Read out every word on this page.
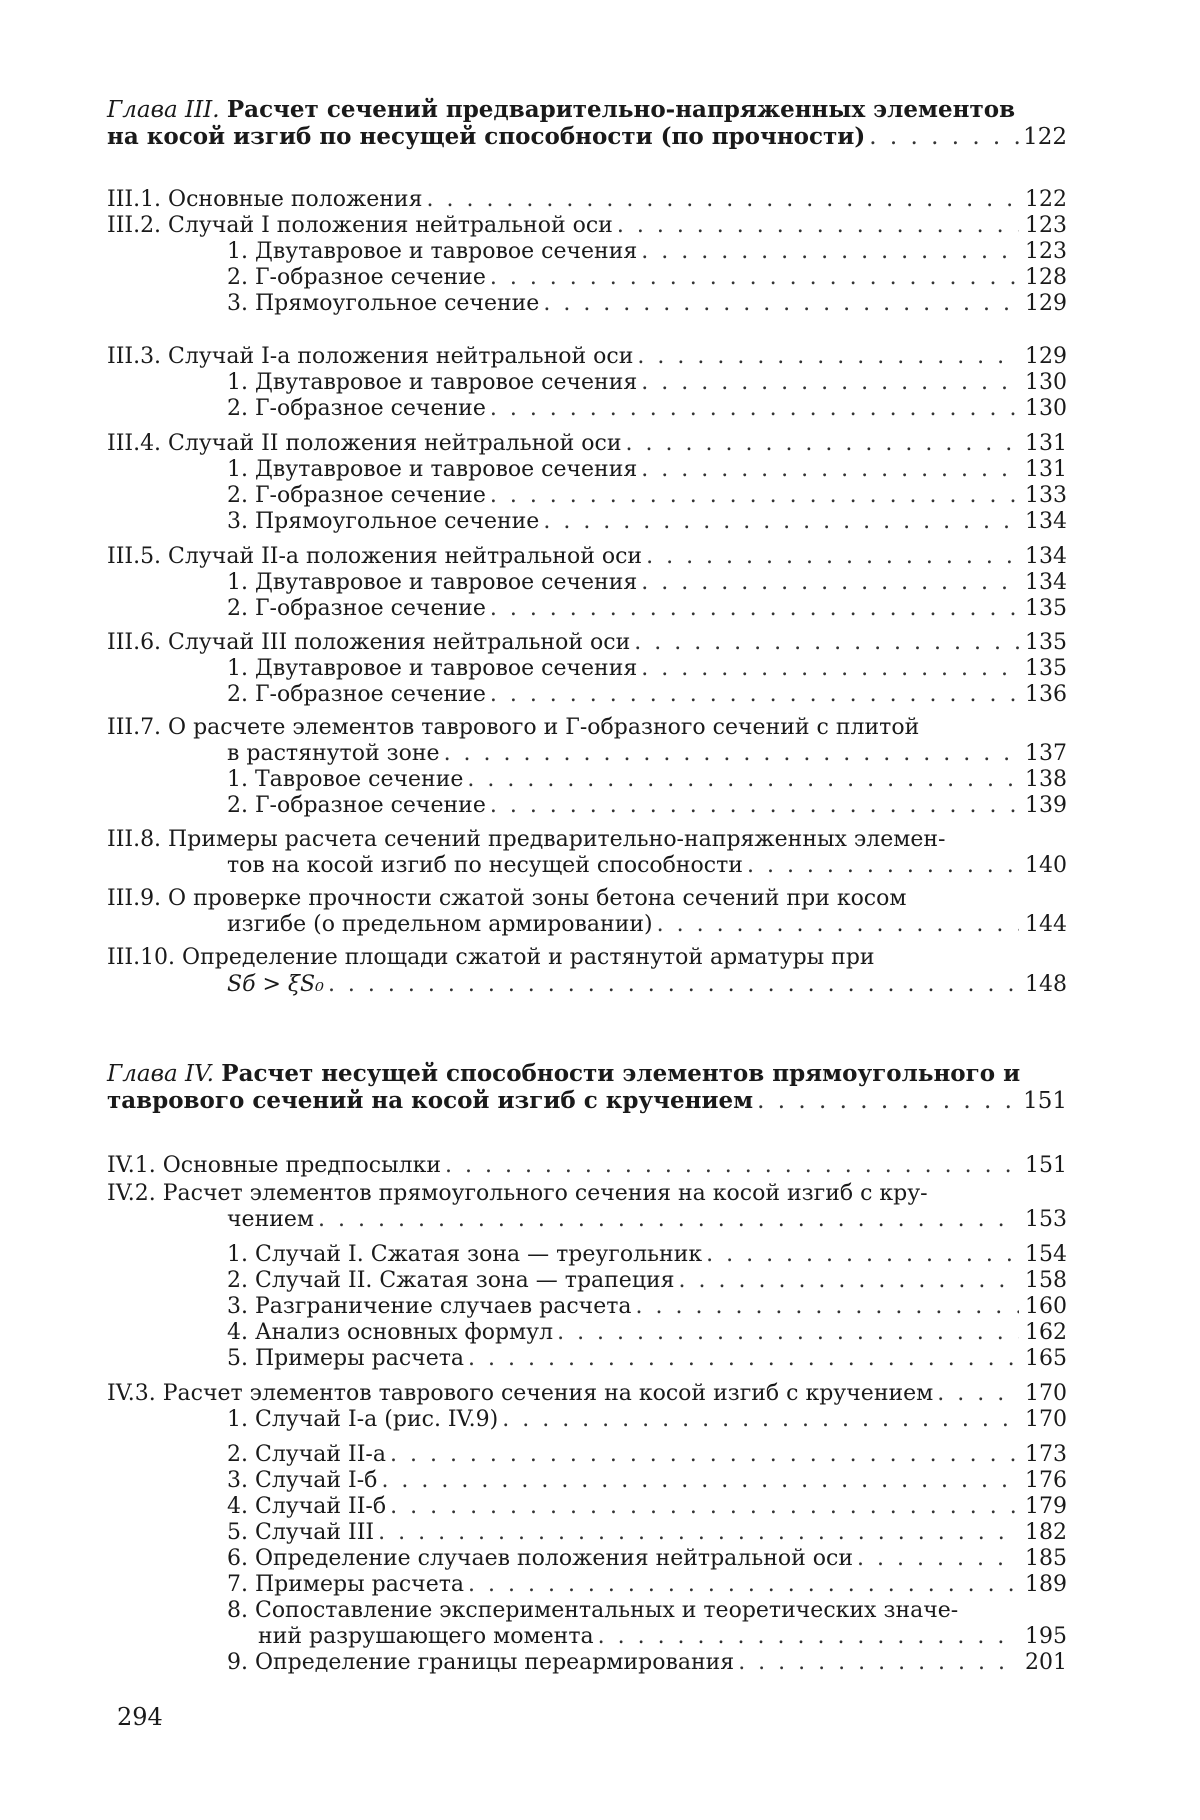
Глава III. Расчет сечений предварительно-напряженных элементов
на косой изгиб по несущей способности (по прочности) . . .	122
III.1. Основные положения . . .	122
III.2. Случай I положения нейтральной оси . . .	123
1. Двутавровое и тавровое сечения . . .	123
2. Г-образное сечение . . .	128
3. Прямоугольное сечение . . .	129
III.3. Случай I-а положения нейтральной оси . . .	129
1. Двутавровое и тавровое сечения . . .	130
2. Г-образное сечение . . .	130
III.4. Случай II положения нейтральной оси . . .	131
1. Двутавровое и тавровое сечения . . .	131
2. Г-образное сечение . . .	133
3. Прямоугольное сечение . . .	134
III.5. Случай II-а положения нейтральной оси . . .	134
1. Двутавровое и тавровое сечения . . .	134
2. Г-образное сечение . . .	135
III.6. Случай III положения нейтральной оси . . .	135
1. Двутавровое и тавровое сечения . . .	135
2. Г-образное сечение . . .	136
III.7. О расчете элементов таврового и Г-образного сечений с плитой
в растянутой зоне . . .	137
1. Тавровое сечение . . .	138
2. Г-образное сечение . . .	139
III.8. Примеры расчета сечений предварительно-напряженных элемен-
тов на косой изгиб по несущей способности . . .	140
III.9. О проверке прочности сжатой зоны бетона сечений при косом
изгибе (о предельном армировании) . . .	144
III.10. Определение площади сжатой и растянутой арматуры при
Sб > ξS₀ . . .	148
Глава IV. Расчет несущей способности элементов прямоугольного и
таврового сечений на косой изгиб с кручением . . .	151
IV.1. Основные предпосылки . . .	151
IV.2. Расчет элементов прямоугольного сечения на косой изгиб с кру-
чением . . .	153
1. Случай I. Сжатая зона — треугольник . . .	154
2. Случай II. Сжатая зона — трапеция . . .	158
3. Разграничение случаев расчета . . .	160
4. Анализ основных формул . . .	162
5. Примеры расчета . . .	165
IV.3. Расчет элементов таврового сечения на косой изгиб с кручением . . .	170
1. Случай I-а (рис. IV.9) . . .	170
2. Случай II-а . . .	173
3. Случай I-б . . .	176
4. Случай II-б . . .	179
5. Случай III . . .	182
6. Определение случаев положения нейтральной оси . . .	185
7. Примеры расчета . . .	189
8. Сопоставление экспериментальных и теоретических значе-
ний разрушающего момента . . .	195
9. Определение границы переармирования . . .	201
294
